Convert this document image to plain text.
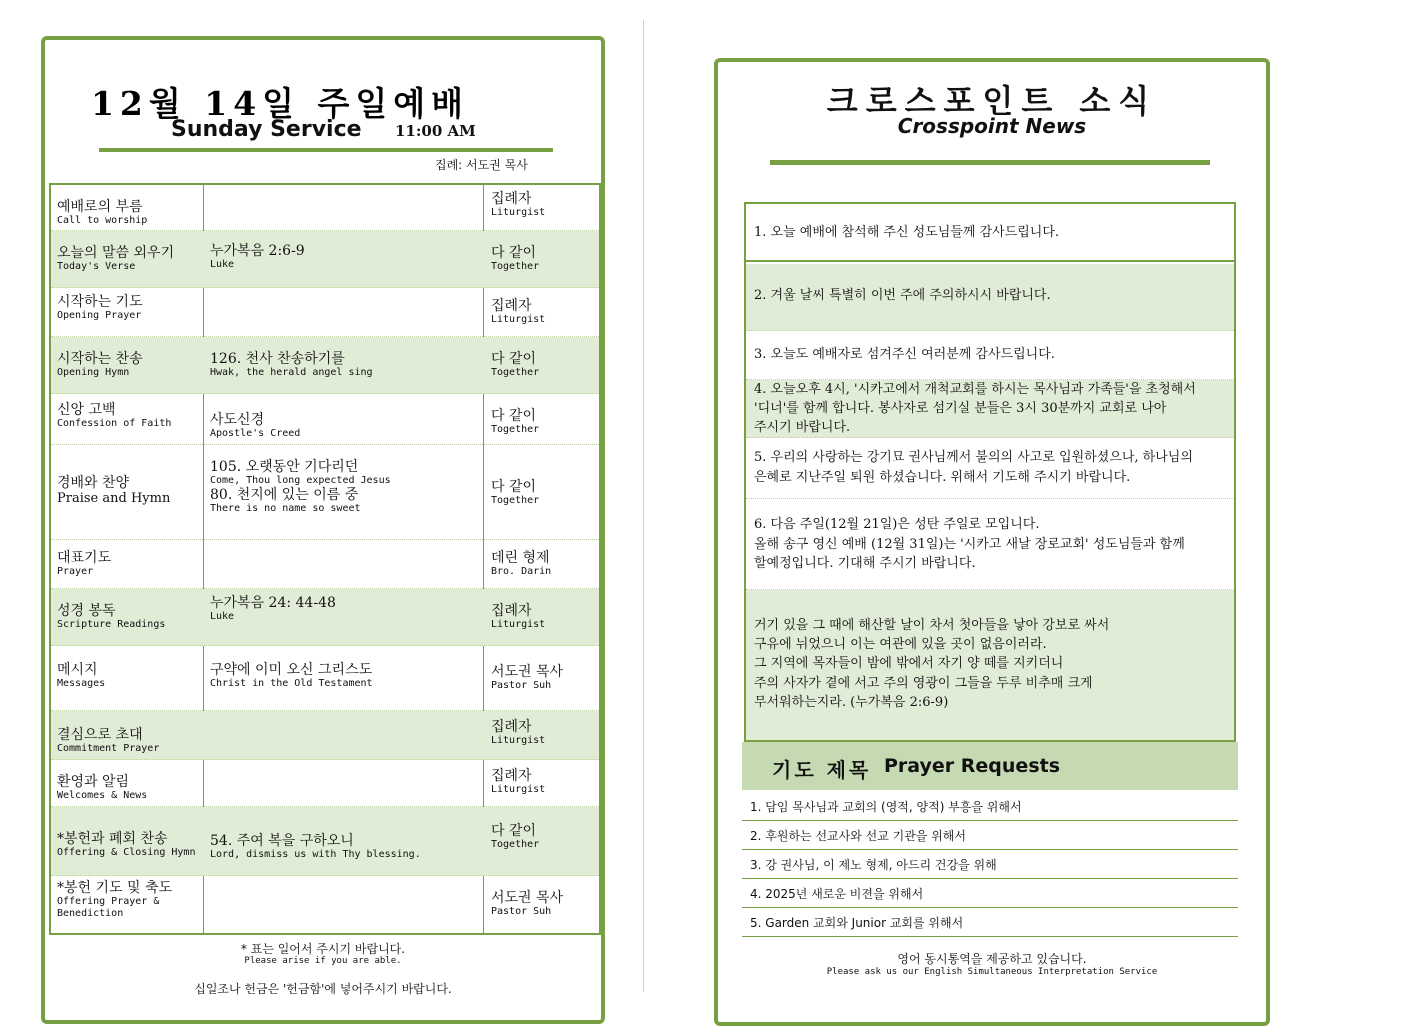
12월 14일 주일예배
Sunday Service 11:00 AM
집례: 서도권 목사
예배로의 부름
Call to worship
집례자
Liturgist
오늘의 말씀 외우기
Today's Verse
누가복음 2:6-9
Luke
다 같이
Together
시작하는 기도
Opening Prayer
집례자
Liturgist
시작하는 찬송
Opening Hymn
126. 천사 찬송하기를
Hwak, the herald angel sing
다 같이
Together
신앙 고백
Confession of Faith	사도신경
Apostle's Creed
다 같이
Together
경배와 찬양
Praise and Hymn
105. 오랫동안 기다리던
Come, Thou long expected Jesus
80. 천지에 있는 이름 중
There is no name so sweet
다 같이
Together
대표기도
Prayer
데린 형제
Bro. Darin
성경 봉독
Scripture Readings
누가복음 24: 44-48
Luke	집례자
Liturgist
메시지
Messages
구약에 이미 오신 그리스도
Christ in the Old Testament
서도권 목사
Pastor Suh
결심으로 초대
Commitment Prayer
집례자
Liturgist
환영과 알림
Welcomes & News
집례자
Liturgist
*봉헌과 폐회 찬송
Offering & Closing Hymn
54. 주여 복을 구하오니
Lord, dismiss us with Thy blessing.
다 같이
Together
*봉헌 기도 및 축도
Offering Prayer &
Benediction
서도권 목사
Pastor Suh
* 표는 일어서 주시기 바랍니다.
Please arise if you are able.
십일조나 헌금은 '헌금함'에 넣어주시기 바랍니다.
크로스포인트 소식
Crosspoint News
1. 오늘 예배에 참석해 주신 성도님들께 감사드립니다.
2. 겨울 날씨 특별히 이번 주에 주의하시시 바랍니다.
3. 오늘도 예배자로 섬겨주신 여러분께 감사드립니다.
4. 오늘오후 4시, '시카고에서 개척교회를 하시는 목사님과 가족들'을 초청해서
'디너'를 함께 합니다. 봉사자로 섬기실 분들은 3시 30분까지 교회로 나아
주시기 바랍니다.
5. 우리의 사랑하는 강기묘 권사님께서 불의의 사고로 입원하셨으나, 하나님의
은혜로 지난주일 퇴원 하셨습니다. 위해서 기도해 주시기 바랍니다.
6. 다음 주일(12월 21일)은 성탄 주일로 모입니다.
올해 송구 영신 예배 (12월 31일)는 '시카고 새날 장로교회' 성도님들과 함께
할예정입니다. 기대해 주시기 바랍니다.
거기 있을 그 때에 해산할 날이 차서 첫아들을 낳아 강보로 싸서
구유에 뉘었으니 이는 여관에 있을 곳이 없음이러라.
그 지역에 목자들이 밤에 밖에서 자기 양 떼를 지키더니
주의 사자가 곁에 서고 주의 영광이 그들을 두루 비추매 크게
무서워하는지라. (누가복음 2:6-9)
기도 제목 Prayer Requests
1. 담임 목사님과 교회의 (영적, 양적) 부흥을 위해서
2. 후원하는 선교사와 선교 기관을 위해서
3. 강 권사님, 이 제노 형제, 아드리 건강을 위해
4. 2025년 새로운 비젼을 위해서
5. Garden 교회와 Junior 교회를 위해서
영어 동시통역을 제공하고 있습니다.
Please ask us our English Simultaneous Interpretation Service
